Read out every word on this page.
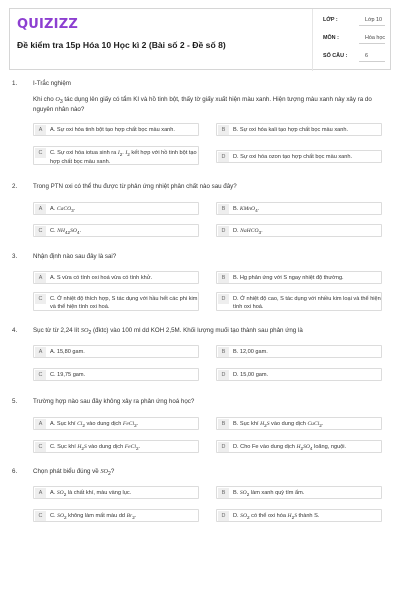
QUIZIZZ
Đề kiểm tra 15p Hóa 10 Học kì 2 (Bài số 2 - Đề số 8)
LỚP :	Lớp 10
MÔN :	Hóa học
SỐ CÂU :	6
1.	I-Trắc nghiệm
Khi cho $O_3$ tác dụng lên giấy có tẩm KI và hồ tinh bột, thấy tờ giấy xuất hiện màu xanh. Hiện tượng màu xanh này xảy ra do nguyên nhân nào?
A	A. Sự oxi hóa tinh bột tạo hợp chất bọc màu xanh.	B	B. Sự oxi hóa kali tạo hợp chất bọc màu xanh.
C	C. Sự oxi hóa iotua sinh ra $I_2$. $I_2$ kết hợp với hồ tinh bột tạo hợp chất bọc màu xanh.
D	D. Sự oxi hóa ozon tạo hợp chất bọc màu xanh.
2.	Trong PTN oxi có thể thu được từ phản ứng nhiệt phân chất nào sau đây?
A	A. CaCO$_3$.	B	B. KMnO$_4$.
C	C. $NH_{42}SO_4$.	D	D. NaHCO$_3$.
3.	Nhận định nào sau đây là sai?
A	A. S vừa có tính oxi hoá vừa có tính khử.	B	B. Hg phản ứng với S ngay nhiệt độ thường.
C	C. Ở nhiệt độ thích hợp, S tác dụng với hầu hết các phi kim và thể hiện tính oxi hoá.
D	D. Ở nhiệt độ cao, S tác dụng với nhiều kim loại và thể hiện tính oxi hoá.
4.	Sục từ từ 2,24 lít $SO_2$ (đktc) vào 100 ml dd KOH 2,5M. Khối lượng muối tạo thành sau phản ứng là
A	A. 15,80 gam.	B	B. 12,00 gam.
C	C. 19,75 gam.	D	D. 15,00 gam.
5.	Trường hợp nào sau đây không xảy ra phản ứng hoá học?
A	A. Sục khí $Cl_2$ vào dung dịch FeCl$_2$.	B	B. Sục khí $H_2S$ vào dung dịch CuCl$_2$.
C	C. Sục khí $H_2S$ vào dung dịch FeCl$_2$.	D	D. Cho Fe vào dung dịch $H_2SO_4$ loãng, nguội.
6.	Chọn phát biểu đúng về $SO_2$?
A	A. $SO_2$ là chất khí, màu vàng lục.	B	B. $SO_2$ làm xanh quỳ tím ẩm.
C	C. $SO_2$ không làm mất màu dd $Br_2$.	D	D. $SO_2$ có thể oxi hóa $H_2S$ thành S.
